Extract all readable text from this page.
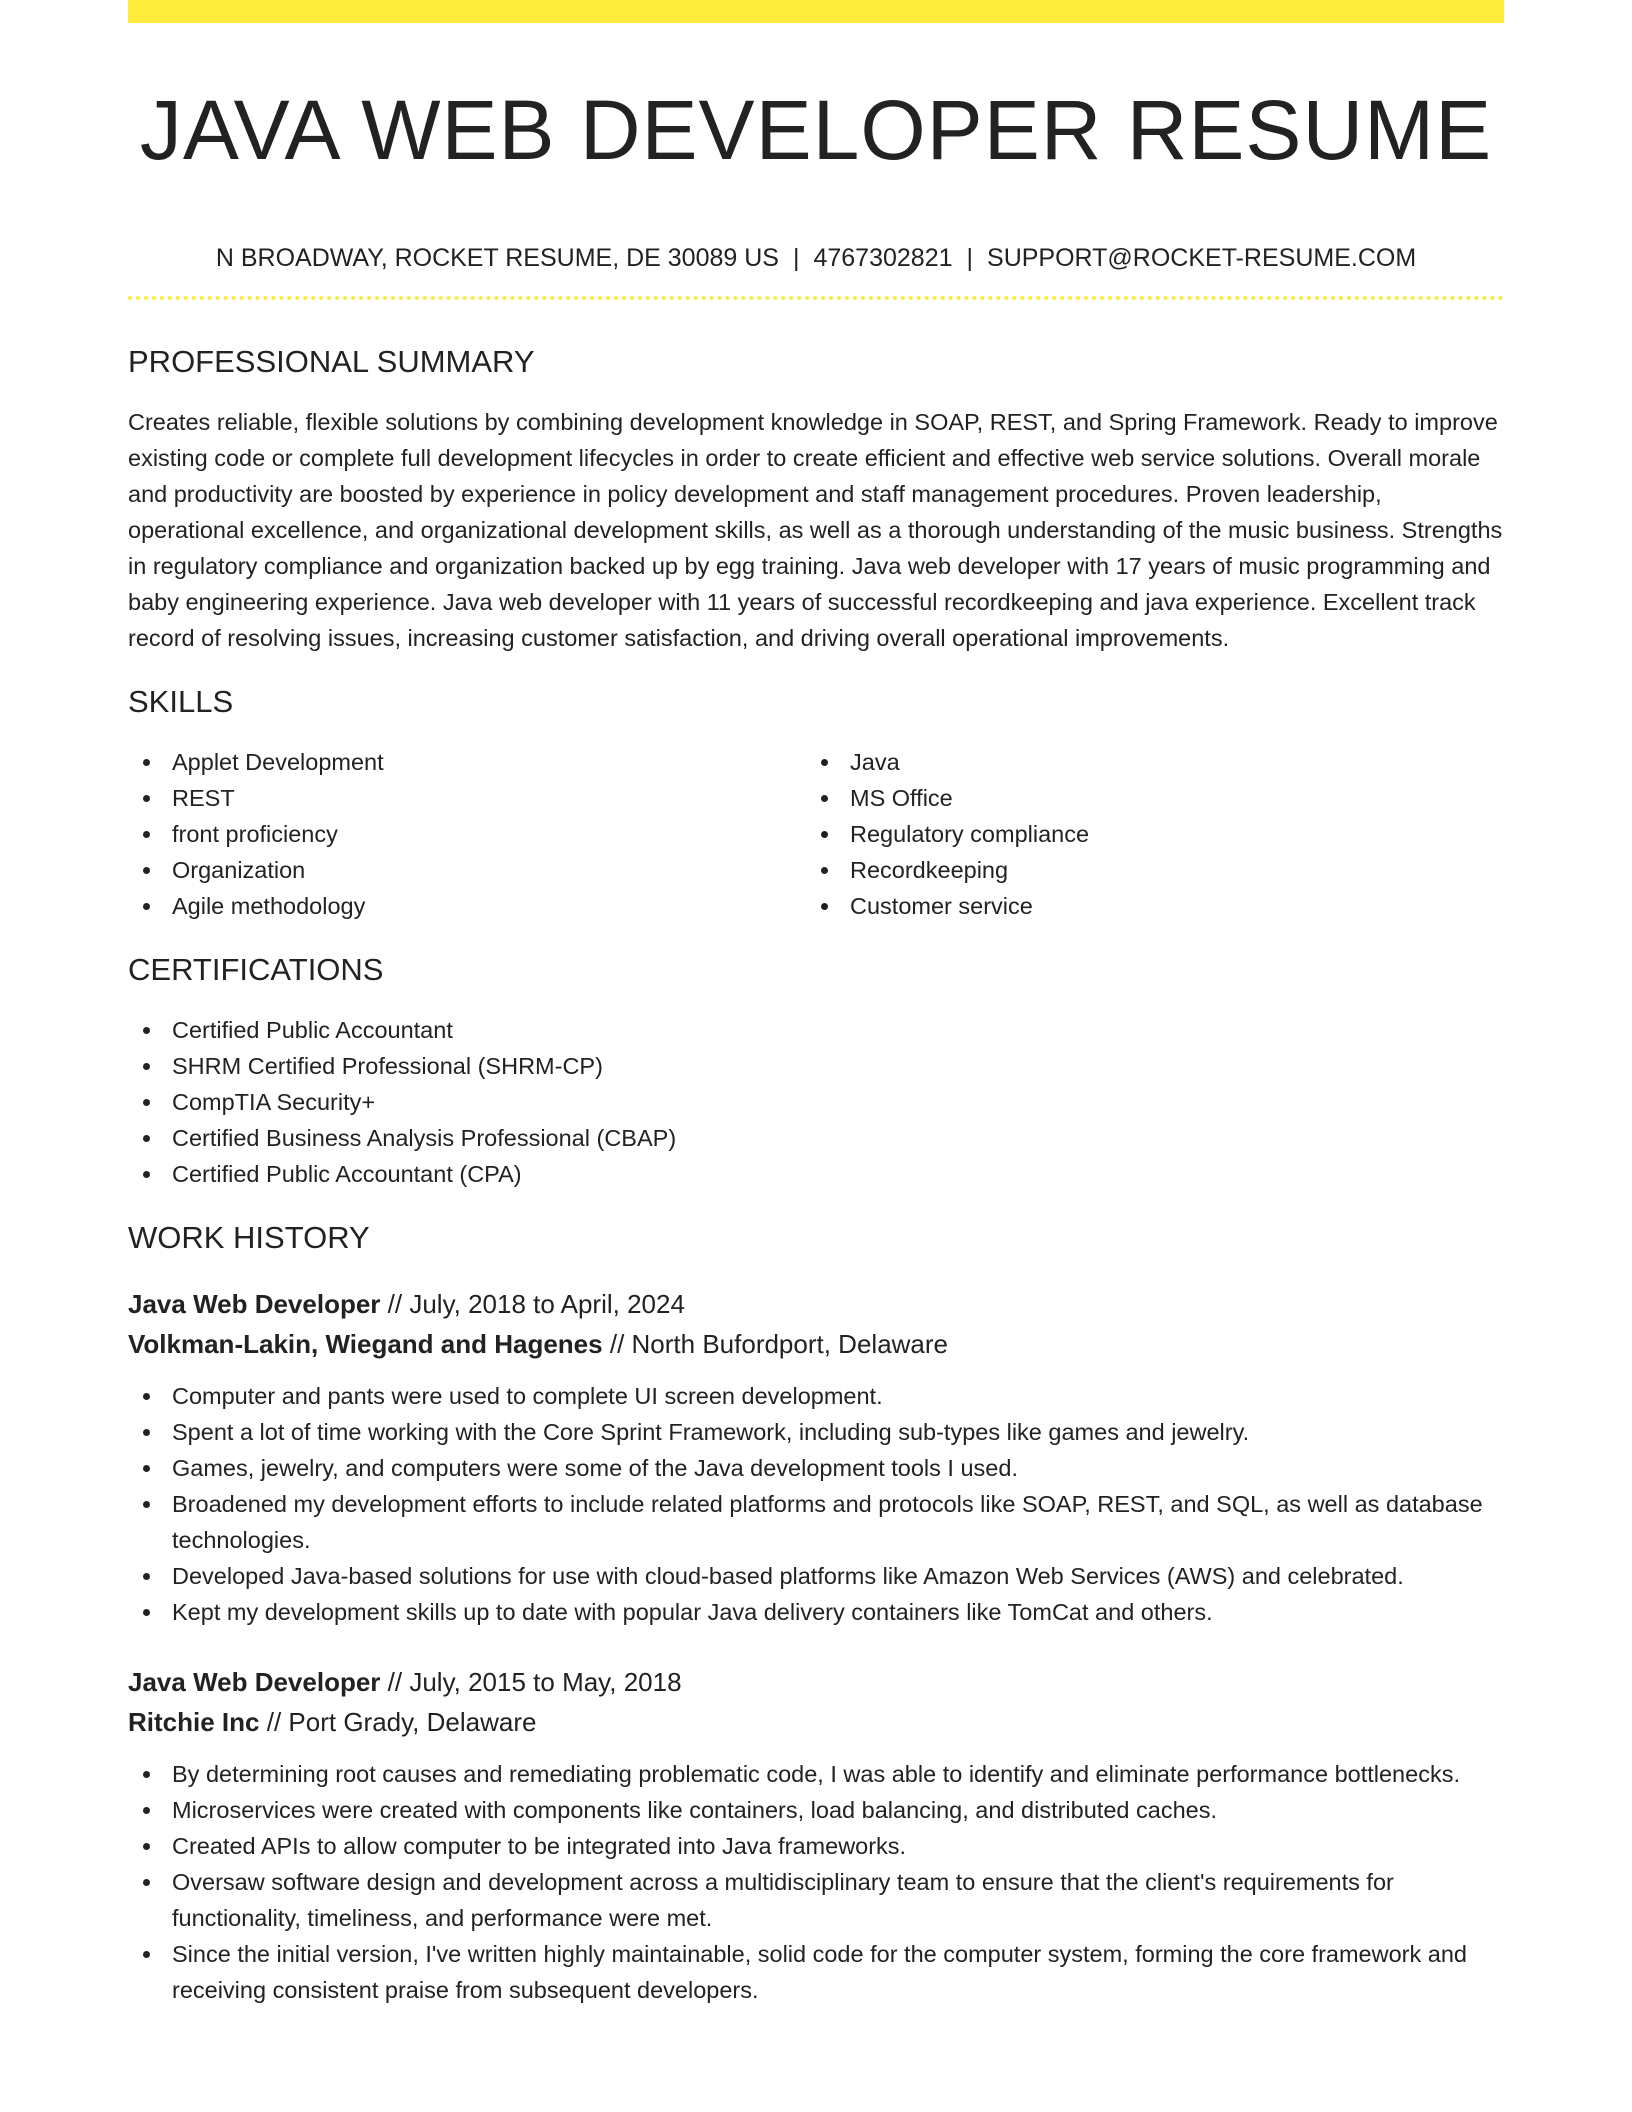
JAVA WEB DEVELOPER RESUME
N BROADWAY, ROCKET RESUME, DE 30089 US | 4767302821 | SUPPORT@ROCKET-RESUME.COM
PROFESSIONAL SUMMARY

Creates reliable, flexible solutions by combining development knowledge in SOAP, REST, and Spring Framework. Ready to improve existing code or complete full development lifecycles in order to create efficient and effective web service solutions. Overall morale and productivity are boosted by experience in policy development and staff management procedures. Proven leadership, operational excellence, and organizational development skills, as well as a thorough understanding of the music business. Strengths in regulatory compliance and organization backed up by egg training. Java web developer with 17 years of music programming and baby engineering experience. Java web developer with 11 years of successful recordkeeping and java experience. Excellent track record of resolving issues, increasing customer satisfaction, and driving overall operational improvements.

SKILLS
Applet Development
REST
front proficiency
Organization
Agile methodology
Java
MS Office
Regulatory compliance
Recordkeeping
Customer service
CERTIFICATIONS
Certified Public Accountant
SHRM Certified Professional (SHRM-CP)
CompTIA Security+
Certified Business Analysis Professional (CBAP)
Certified Public Accountant (CPA)
WORK HISTORY
Java Web Developer // July, 2018 to April, 2024
Volkman-Lakin, Wiegand and Hagenes // North Bufordport, Delaware
Computer and pants were used to complete UI screen development.
Spent a lot of time working with the Core Sprint Framework, including sub-types like games and jewelry.
Games, jewelry, and computers were some of the Java development tools I used.
Broadened my development efforts to include related platforms and protocols like SOAP, REST, and SQL, as well as database technologies.
Developed Java-based solutions for use with cloud-based platforms like Amazon Web Services (AWS) and celebrated.
Kept my development skills up to date with popular Java delivery containers like TomCat and others.
Java Web Developer // July, 2015 to May, 2018
Ritchie Inc // Port Grady, Delaware
By determining root causes and remediating problematic code, I was able to identify and eliminate performance bottlenecks.
Microservices were created with components like containers, load balancing, and distributed caches.
Created APIs to allow computer to be integrated into Java frameworks.
Oversaw software design and development across a multidisciplinary team to ensure that the client's requirements for functionality, timeliness, and performance were met.
Since the initial version, I've written highly maintainable, solid code for the computer system, forming the core framework and receiving consistent praise from subsequent developers.
